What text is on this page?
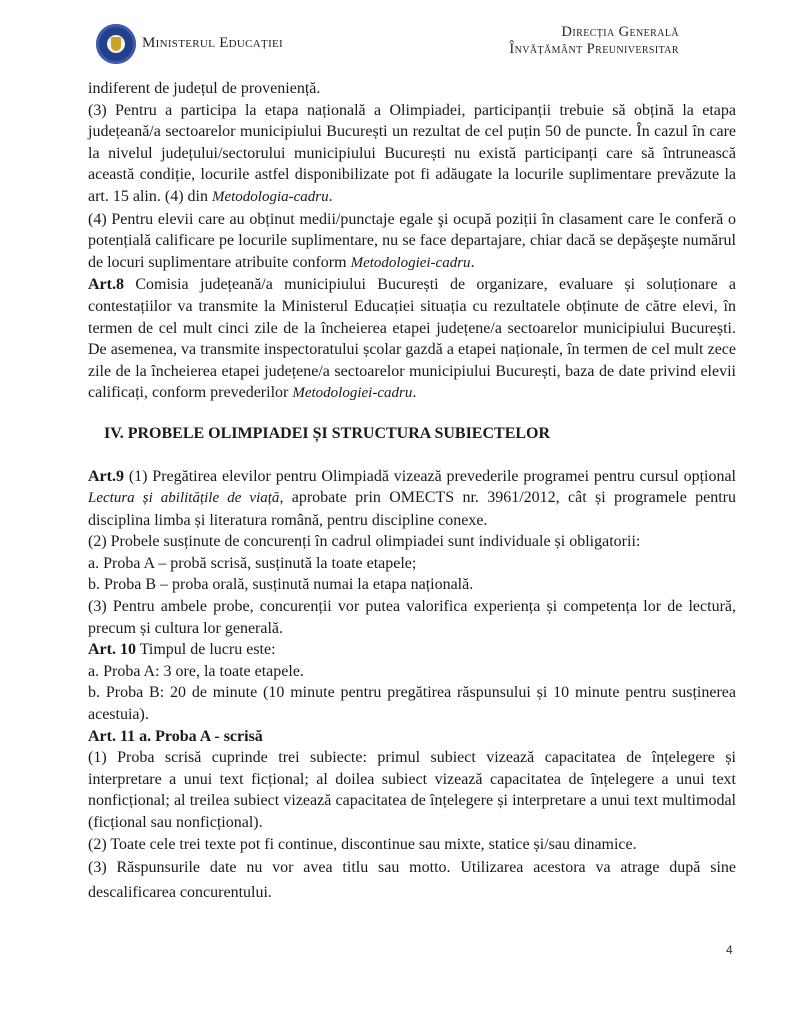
Ministerul Educației
Direcția Generală
Învățământ Preuniversitar

indiferent de județul de proveniență.

(3) Pentru a participa la etapa națională a Olimpiadei, participanții trebuie să obțină la etapa județeană/a sectoarelor municipiului București un rezultat de cel puțin 50 de puncte. În cazul în care la nivelul județului/sectorului municipiului București nu există participanți care să întrunească această condiție, locurile astfel disponibilizate pot fi adăugate la locurile suplimentare prevăzute la art. 15 alin. (4) din Metodologia-cadru.

(4) Pentru elevii care au obținut medii/punctaje egale şi ocupă poziții în clasament care le conferă o potențială calificare pe locurile suplimentare, nu se face departajare, chiar dacă se depăşeşte numărul de locuri suplimentare atribuite conform Metodologiei-cadru.

Art.8 Comisia județeană/a municipiului București de organizare, evaluare și soluționare a contestațiilor va transmite la Ministerul Educației situația cu rezultatele obținute de către elevi, în termen de cel mult cinci zile de la încheierea etapei județene/a sectoarelor municipiului București. De asemenea, va transmite inspectoratului școlar gazdă a etapei naționale, în termen de cel mult zece zile de la încheierea etapei județene/a sectoarelor municipiului București, baza de date privind elevii calificați, conform prevederilor Metodologiei-cadru.

IV. PROBELE OLIMPIADEI ȘI STRUCTURA SUBIECTELOR

Art.9 (1) Pregătirea elevilor pentru Olimpiadă vizează prevederile programei pentru cursul opțional Lectura și abilitățile de viață, aprobate prin OMECTS nr. 3961/2012, cât și programele pentru disciplina limba și literatura română, pentru discipline conexe.

(2) Probele susținute de concurenți în cadrul olimpiadei sunt individuale și obligatorii:

a. Proba A – probă scrisă, susținută la toate etapele;

b. Proba B – proba orală, susținută numai la etapa națională.

(3) Pentru ambele probe, concurenții vor putea valorifica experiența și competența lor de lectură, precum și cultura lor generală.

Art. 10 Timpul de lucru este:

a. Proba A: 3 ore, la toate etapele.

b. Proba B: 20 de minute (10 minute pentru pregătirea răspunsului și 10 minute pentru susținerea acestuia).

Art. 11 a. Proba A - scrisă

(1) Proba scrisă cuprinde trei subiecte: primul subiect vizează capacitatea de înțelegere și interpretare a unui text ficțional; al doilea subiect vizează capacitatea de înțelegere a unui text nonficțional; al treilea subiect vizează capacitatea de înțelegere și interpretare a unui text multimodal (ficțional sau nonficțional).

(2) Toate cele trei texte pot fi continue, discontinue sau mixte, statice și/sau dinamice.

(3) Răspunsurile date nu vor avea titlu sau motto. Utilizarea acestora va atrage după sine descalificarea concurentului.

4
